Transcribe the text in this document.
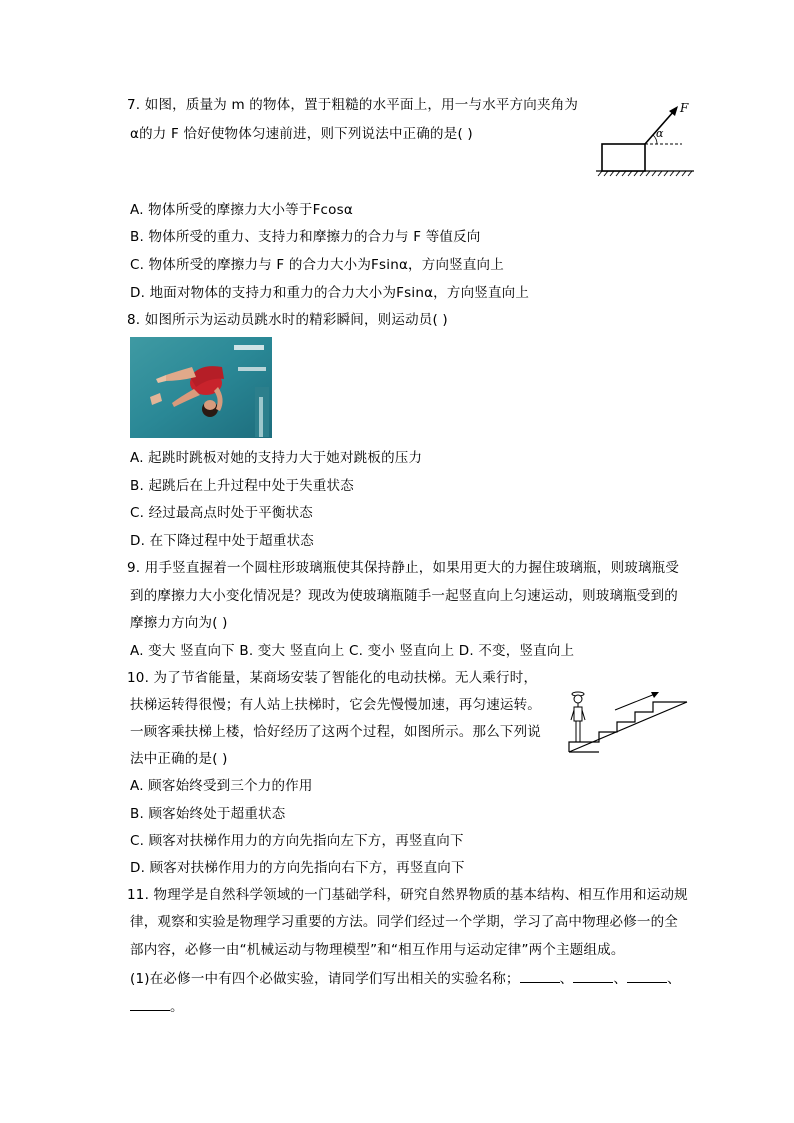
7. 如图，质量为 m 的物体，置于粗糙的水平面上，用一与水平方向夹角为
α的力 F 恰好使物体匀速前进，则下列说法中正确的是( )
F
α
A. 物体所受的摩擦力大小等于Fcosα
B. 物体所受的重力、支持力和摩擦力的合力与 F 等值反向
C. 物体所受的摩擦力与 F 的合力大小为Fsinα，方向竖直向上
D. 地面对物体的支持力和重力的合力大小为Fsinα，方向竖直向上
8. 如图所示为运动员跳水时的精彩瞬间，则运动员( )
A. 起跳时跳板对她的支持力大于她对跳板的压力
B. 起跳后在上升过程中处于失重状态
C. 经过最高点时处于平衡状态
D. 在下降过程中处于超重状态
9. 用手竖直握着一个圆柱形玻璃瓶使其保持静止，如果用更大的力握住玻璃瓶，则玻璃瓶受
到的摩擦力大小变化情况是？现改为使玻璃瓶随手一起竖直向上匀速运动，则玻璃瓶受到的
摩擦力方向为( )
A. 变大 竖直向下 B. 变大 竖直向上 C. 变小 竖直向上 D. 不变，竖直向上
10. 为了节省能量，某商场安装了智能化的电动扶梯。无人乘行时，
扶梯运转得很慢；有人站上扶梯时，它会先慢慢加速，再匀速运转。
一顾客乘扶梯上楼，恰好经历了这两个过程，如图所示。那么下列说
法中正确的是( )
A. 顾客始终受到三个力的作用
B. 顾客始终处于超重状态
C. 顾客对扶梯作用力的方向先指向左下方，再竖直向下
D. 顾客对扶梯作用力的方向先指向右下方，再竖直向下
11. 物理学是自然科学领域的一门基础学科，研究自然界物质的基本结构、相互作用和运动规
律，观察和实验是物理学习重要的方法。同学们经过一个学期，学习了高中物理必修一的全
部内容，必修一由“机械运动与物理模型”和“相互作用与运动定律”两个主题组成。
(1)在必修一中有四个必做实验，请同学们写出相关的实验名称；	、	、	、
。
